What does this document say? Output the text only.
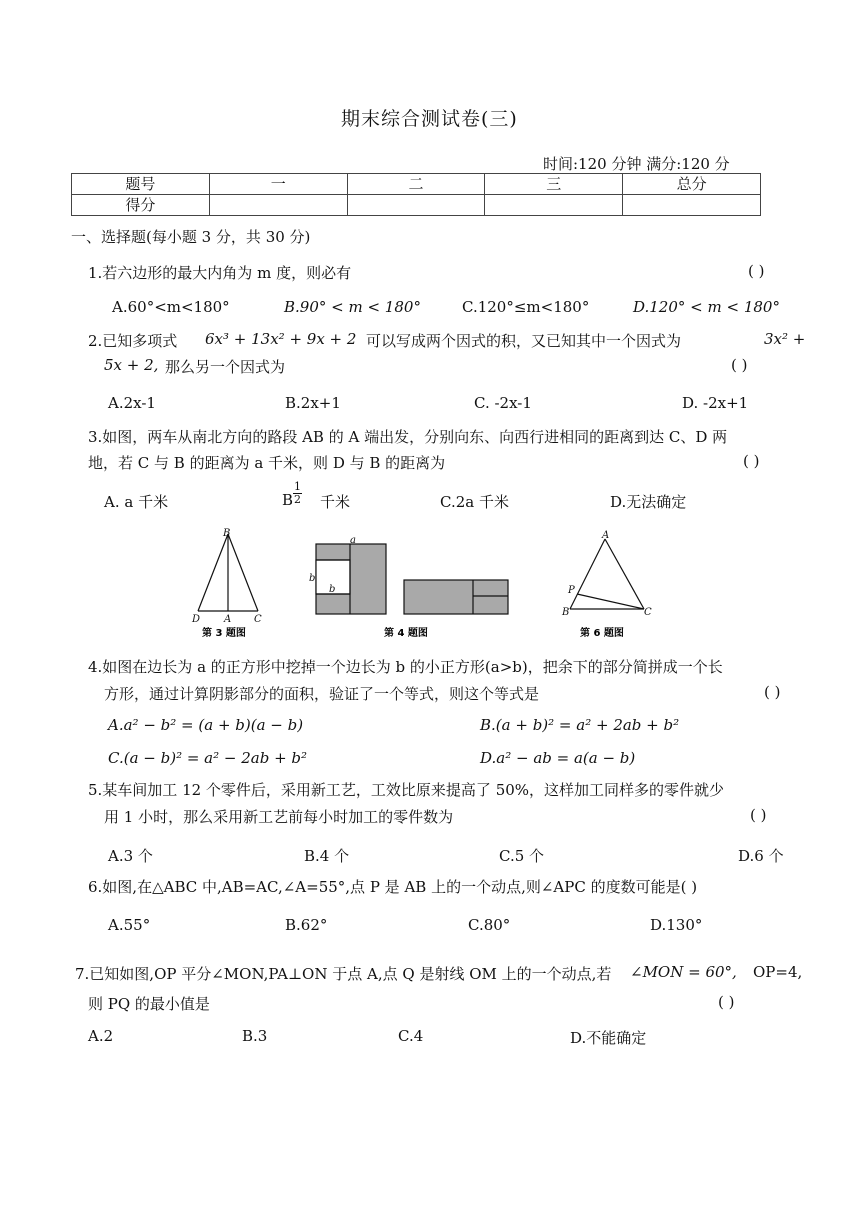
期末综合测试卷(三)
时间:120 分钟 满分:120 分
题号	一	二	三	总分
得分				
一、选择题(每小题 3 分，共 30 分)
1.若六边形的最大内角为 m 度，则必有	( )
A.60°<m<180°	B.90° < m < 180°	C.120°≤m<180°	D.120° < m < 180°
2.已知多项式 6x³ + 13x² + 9x + 2 可以写成两个因式的积，又已知其中一个因式为	3x² +
5x + 2, 那么另一个因式为	( )
A.2x-1	B.2x+1	C. -2x-1	D. -2x+1
3.如图，两车从南北方向的路段 AB 的 A 端出发，分别向东、向西行进相同的距离到达 C、D 两
地，若 C 与 B 的距离为 a 千米，则 D 与 B 的距离为	( )
A. a 千米	B $\frac{1}{2}$ 千米	C.2a 千米	D.无法确定
B
D A C
第 3 题图
a
b
b
第 4 题图
A
P
B	C
第 6 题图
4.如图在边长为 a 的正方形中挖掉一个边长为 b 的小正方形(a>b)，把余下的部分简拼成一个长
方形，通过计算阴影部分的面积，验证了一个等式，则这个等式是	( )
A.a² − b² = (a + b)(a − b)	B.(a + b)² = a² + 2ab + b²
C.(a − b)² = a² − 2ab + b²	D.a² − ab = a(a − b)
5.某车间加工 12 个零件后，采用新工艺，工效比原来提高了 50%，这样加工同样多的零件就少
用 1 小时，那么采用新工艺前每小时加工的零件数为	( )
A.3 个	B.4 个	C.5 个	D.6 个
6.如图,在△ABC 中,AB=AC,∠A=55°,点 P 是 AB 上的一个动点,则∠APC 的度数可能是( )
A.55°	B.62°	C.80°	D.130°
7.已知如图,OP 平分∠MON,PA⊥ON 于点 A,点 Q 是射线 OM 上的一个动点,若 ∠MON = 60°, OP=4,
则 PQ 的最小值是	( )
A.2	B.3	C.4	D.不能确定
